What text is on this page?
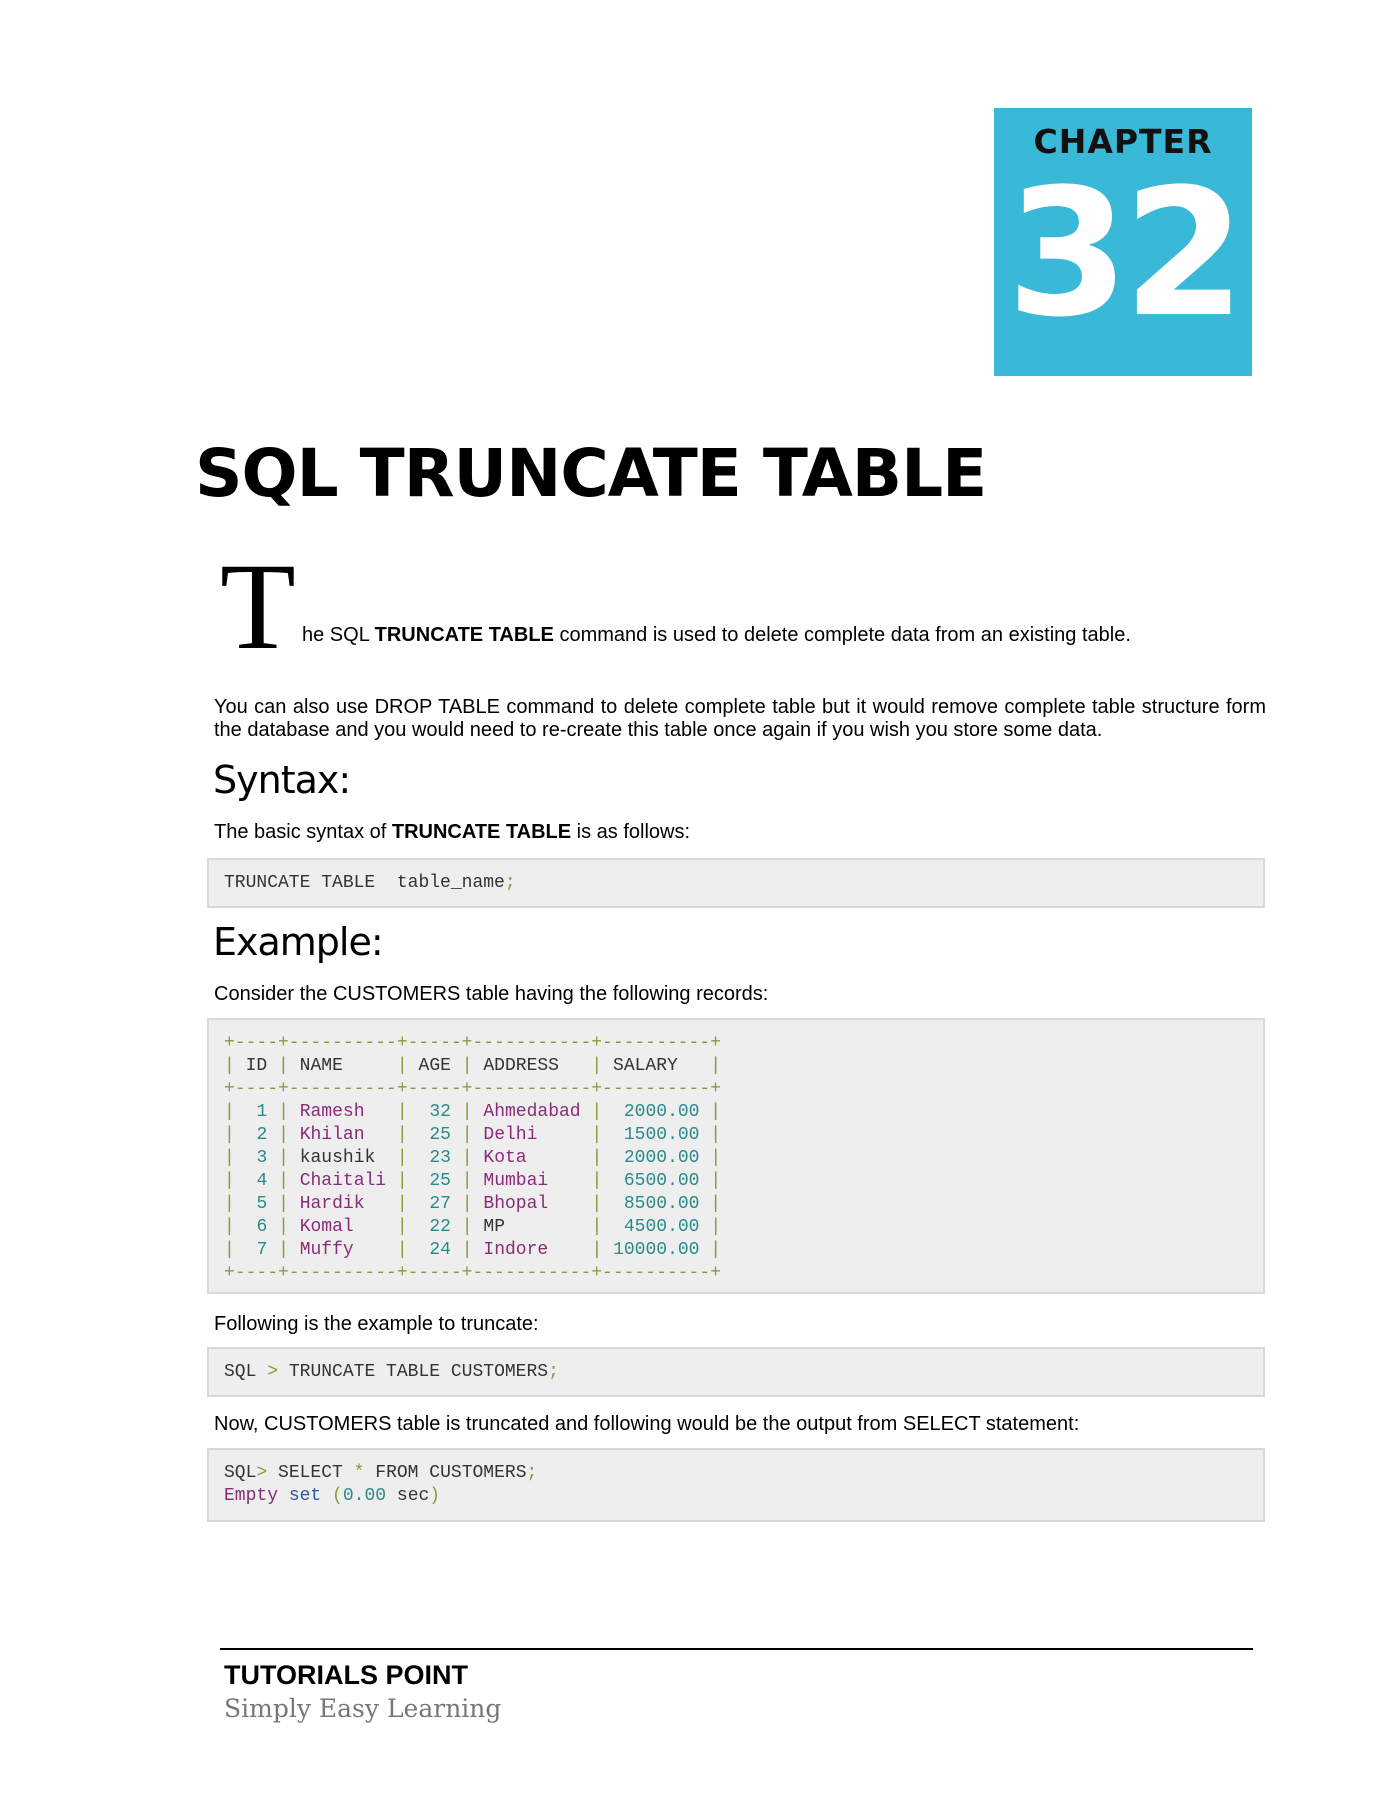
CHAPTER
32
SQL TRUNCATE TABLE
T he SQL TRUNCATE TABLE command is used to delete complete data from an existing table.
You can also use DROP TABLE command to delete complete table but it would remove complete table structure form the database and you would need to re-create this table once again if you wish you store some data.
Syntax:
The basic syntax of TRUNCATE TABLE is as follows:
TRUNCATE TABLE table_name;
Example:
Consider the CUSTOMERS table having the following records:
+----+----------+-----+-----------+----------+
| ID | NAME	| AGE | ADDRESS | SALARY |
+----+----------+-----+-----------+----------+
| 1 | Ramesh | 32 | Ahmedabad | 2000.00 |
| 2 | Khilan | 25 | Delhi	| 1500.00 |
| 3 | kaushik | 23 | Kota	| 2000.00 |
| 4 | Chaitali | 25 | Mumbai | 6500.00 |
| 5 | Hardik | 27 | Bhopal | 8500.00 |
| 6 | Komal | 22 | MP	| 4500.00 |
| 7 | Muffy | 24 | Indore | 10000.00 |
+----+----------+-----+-----------+----------+
Following is the example to truncate:
SQL > TRUNCATE TABLE CUSTOMERS;
Now, CUSTOMERS table is truncated and following would be the output from SELECT statement:
SQL> SELECT * FROM CUSTOMERS;
Empty set (0.00 sec)
TUTORIALS POINT
Simply Easy Learning
